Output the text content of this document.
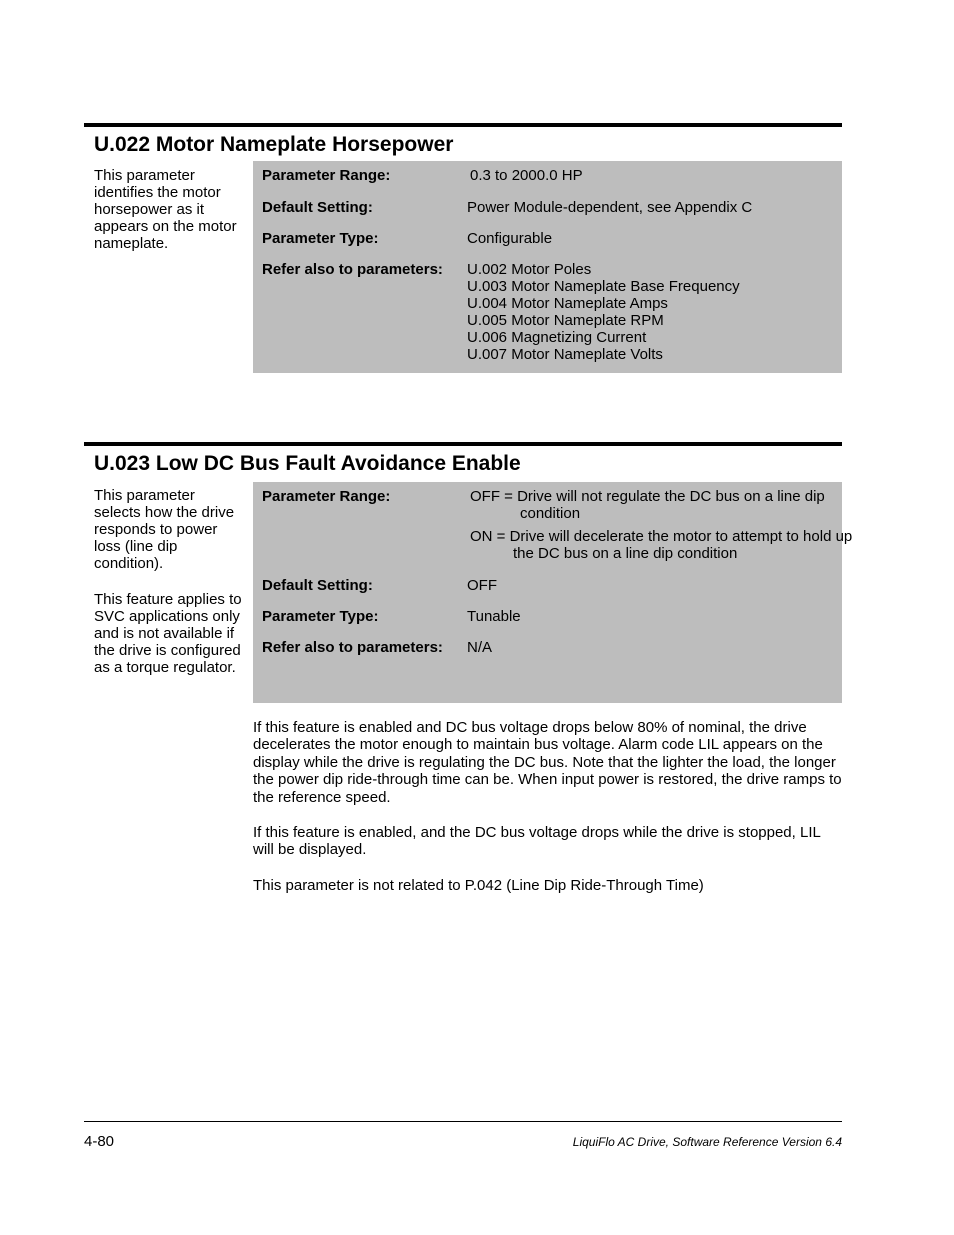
U.022 Motor Nameplate Horsepower

This parameter identifies the motor horsepower as it appears on the motor nameplate.

Parameter Range:	0.3 to 2000.0 HP
Default Setting:	Power Module-dependent, see Appendix C
Parameter Type:	Configurable
Refer also to parameters: U.002 Motor Poles
U.003 Motor Nameplate Base Frequency
U.004 Motor Nameplate Amps
U.005 Motor Nameplate RPM
U.006 Magnetizing Current
U.007 Motor Nameplate Volts
U.023 Low DC Bus Fault Avoidance Enable

This parameter selects how the drive responds to power loss (line dip condition).

This feature applies to SVC applications only and is not available if the drive is configured as a torque regulator.

Parameter Range:	OFF = Drive will not regulate the DC bus on a line dip condition
ON = Drive will decelerate the motor to attempt to hold up the DC bus on a line dip condition
Default Setting:	OFF
Parameter Type:	Tunable
Refer also to parameters: N/A

If this feature is enabled and DC bus voltage drops below 80% of nominal, the drive decelerates the motor enough to maintain bus voltage. Alarm code LIL appears on the display while the drive is regulating the DC bus. Note that the lighter the load, the longer the power dip ride-through time can be. When input power is restored, the drive ramps to the reference speed.

If this feature is enabled, and the DC bus voltage drops while the drive is stopped, LIL will be displayed.

This parameter is not related to P.042 (Line Dip Ride-Through Time)

4-80	LiquiFlo AC Drive, Software Reference Version 6.4
